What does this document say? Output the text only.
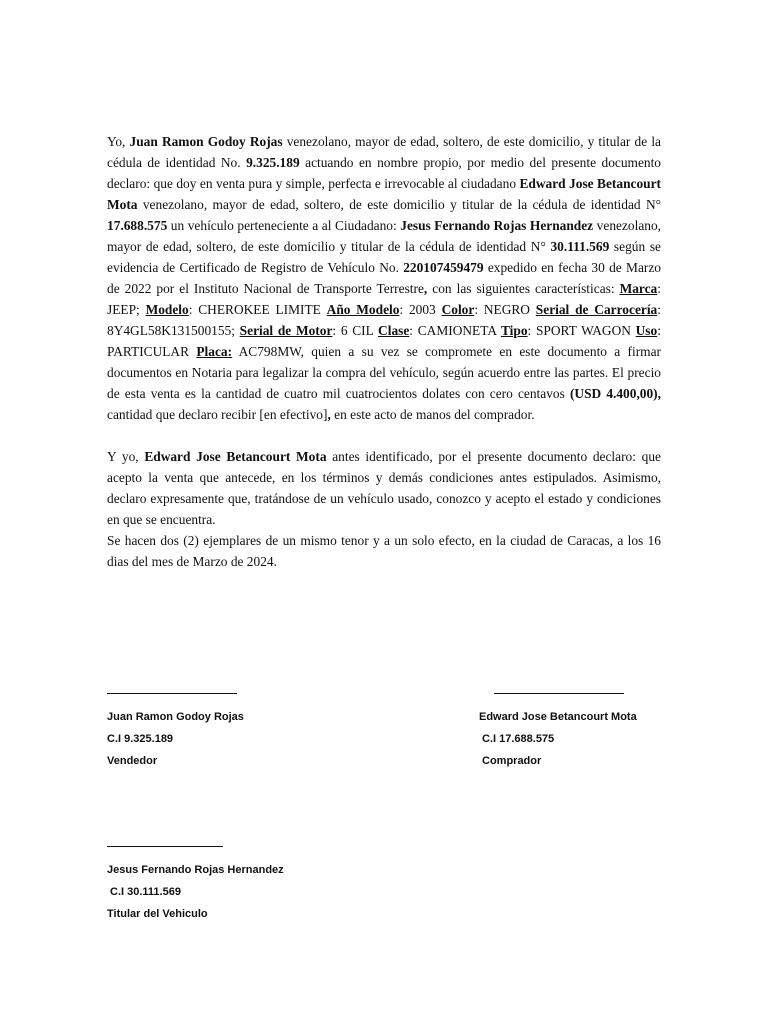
Yo, Juan Ramon Godoy Rojas venezolano, mayor de edad, soltero, de este domicilio, y titular de la cédula de identidad No. 9.325.189 actuando en nombre propio, por medio del presente documento declaro: que doy en venta pura y simple, perfecta e irrevocable al ciudadano Edward Jose Betancourt Mota venezolano, mayor de edad, soltero, de este domicilio y titular de la cédula de identidad N° 17.688.575 un vehículo perteneciente a al Ciudadano: Jesus Fernando Rojas Hernandez venezolano, mayor de edad, soltero, de este domicilio y titular de la cédula de identidad N° 30.111.569 según se evidencia de Certificado de Registro de Vehículo No. 220107459479 expedido en fecha 30 de Marzo de 2022 por el Instituto Nacional de Transporte Terrestre, con las siguientes características: Marca: JEEP; Modelo: CHEROKEE LIMITE Año Modelo: 2003 Color: NEGRO Serial de Carrocería: 8Y4GL58K131500155; Serial de Motor: 6 CIL Clase: CAMIONETA Tipo: SPORT WAGON Uso: PARTICULAR Placa: AC798MW, quien a su vez se compromete en este documento a firmar documentos en Notaria para legalizar la compra del vehículo, según acuerdo entre las partes. El precio de esta venta es la cantidad de cuatro mil cuatrocientos dolates con cero centavos (USD 4.400,00), cantidad que declaro recibir [en efectivo], en este acto de manos del comprador.

Y yo, Edward Jose Betancourt Mota antes identificado, por el presente documento declaro: que acepto la venta que antecede, en los términos y demás condiciones antes estipulados. Asimismo, declaro expresamente que, tratándose de un vehículo usado, conozco y acepto el estado y condiciones en que se encuentra.

Se hacen dos (2) ejemplares de un mismo tenor y a un solo efecto, en la ciudad de Caracas, a los 16 dias del mes de Marzo de 2024.

Juan Ramon Godoy Rojas
C.I 9.325.189
Vendedor
Edward Jose Betancourt Mota
C.I 17.688.575
Comprador
Jesus Fernando Rojas Hernandez
C.I 30.111.569
Titular del Vehiculo
